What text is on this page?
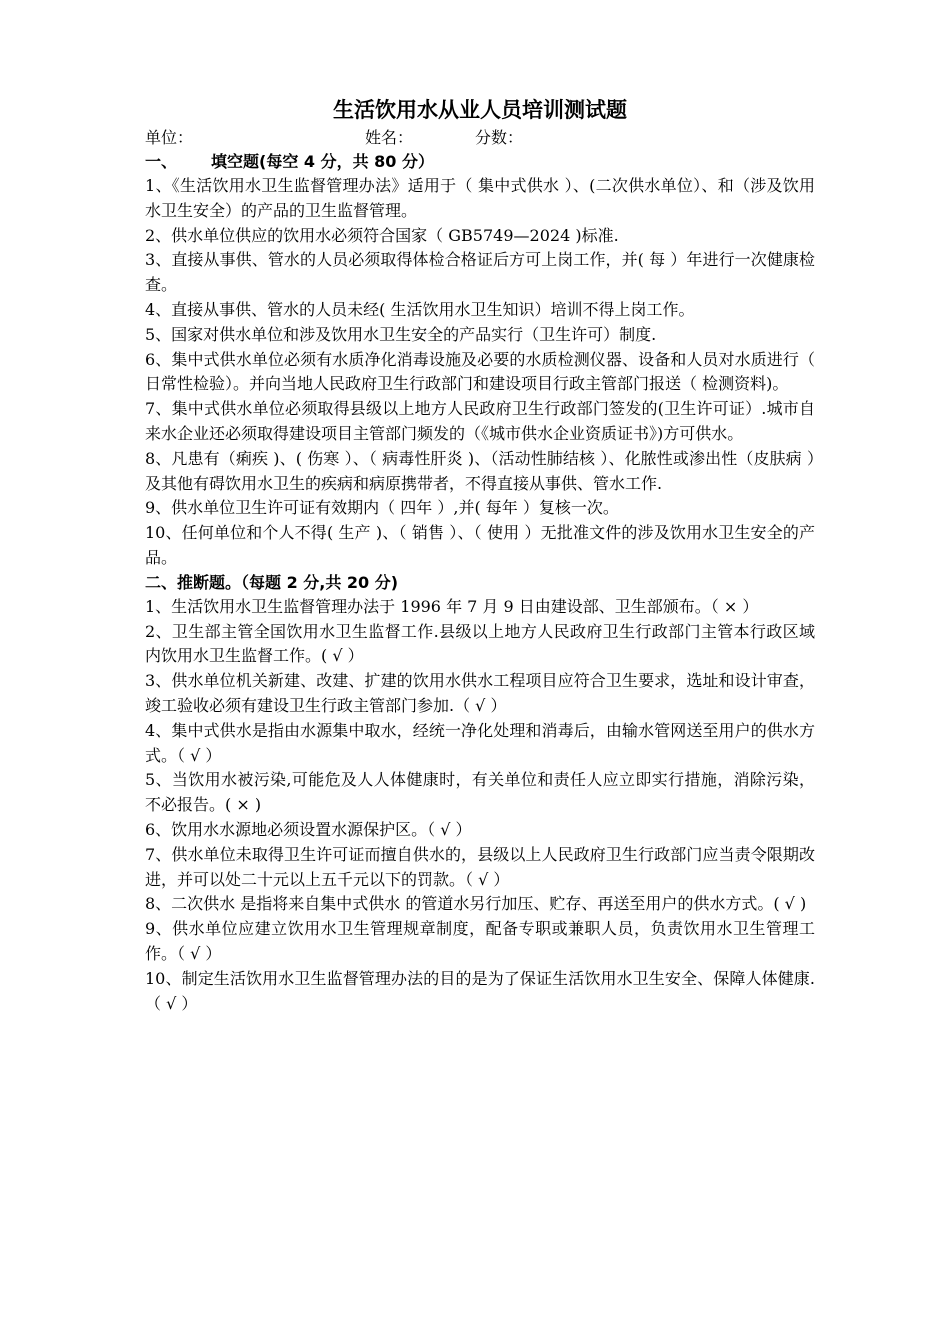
生活饮用水从业人员培训测试题
单位：	姓名：	分数：
一、 填空题(每空 4 分，共 80 分）
1、《生活饮用水卫生监督管理办法》适用于（ 集中式供水 ）、(二次供水单位）、和（涉及饮用水卫生安全）的产品的卫生监督管理。
2、供水单位供应的饮用水必须符合国家（ GB5749—2024 )标准.
3、直接从事供、管水的人员必须取得体检合格证后方可上岗工作，并( 每 ）年进行一次健康检查。
4、直接从事供、管水的人员未经( 生活饮用水卫生知识）培训不得上岗工作。
5、国家对供水单位和涉及饮用水卫生安全的产品实行（卫生许可）制度.
6、集中式供水单位必须有水质净化消毒设施及必要的水质检测仪器、设备和人员对水质进行（ 日常性检验）。并向当地人民政府卫生行政部门和建设项目行政主管部门报送（ 检测资料)。
7、集中式供水单位必须取得县级以上地方人民政府卫生行政部门签发的(卫生许可证）.城市自来水企业还必须取得建设项目主管部门频发的（《城市供水企业资质证书》)方可供水。
8、凡患有（痢疾 )、( 伤寒 ）、（ 病毒性肝炎 )、（活动性肺结核 ）、化脓性或渗出性（皮肤病 ）及其他有碍饮用水卫生的疾病和病原携带者，不得直接从事供、管水工作.
9、供水单位卫生许可证有效期内（ 四年 ）,并( 每年 ）复核一次。
10、任何单位和个人不得( 生产 )、（ 销售 ）、（ 使用 ）无批准文件的涉及饮用水卫生安全的产品。
二、推断题。（每题 2 分,共 20 分)
1、生活饮用水卫生监督管理办法于 1996 年 7 月 9 日由建设部、卫生部颁布。（ × ）
2、卫生部主管全国饮用水卫生监督工作.县级以上地方人民政府卫生行政部门主管本行政区域内饮用水卫生监督工作。( √ ）
3、供水单位机关新建、改建、扩建的饮用水供水工程项目应符合卫生要求，选址和设计审查，竣工验收必须有建设卫生行政主管部门参加.（ √ ）
4、集中式供水是指由水源集中取水，经统一净化处理和消毒后，由输水管网送至用户的供水方式。（ √ ）
5、当饮用水被污染,可能危及人人体健康时，有关单位和责任人应立即实行措施，消除污染，不必报告。( × )
6、饮用水水源地必须设置水源保护区。（ √ ）
7、供水单位未取得卫生许可证而擅自供水的，县级以上人民政府卫生行政部门应当责令限期改进，并可以处二十元以上五千元以下的罚款。（ √ ）
8、二次供水 是指将来自集中式供水 的管道水另行加压、贮存、再送至用户的供水方式。( √ )
9、供水单位应建立饮用水卫生管理规章制度，配备专职或兼职人员，负责饮用水卫生管理工作。（ √ ）
10、制定生活饮用水卫生监督管理办法的目的是为了保证生活饮用水卫生安全、保障人体健康.（ √ ）
